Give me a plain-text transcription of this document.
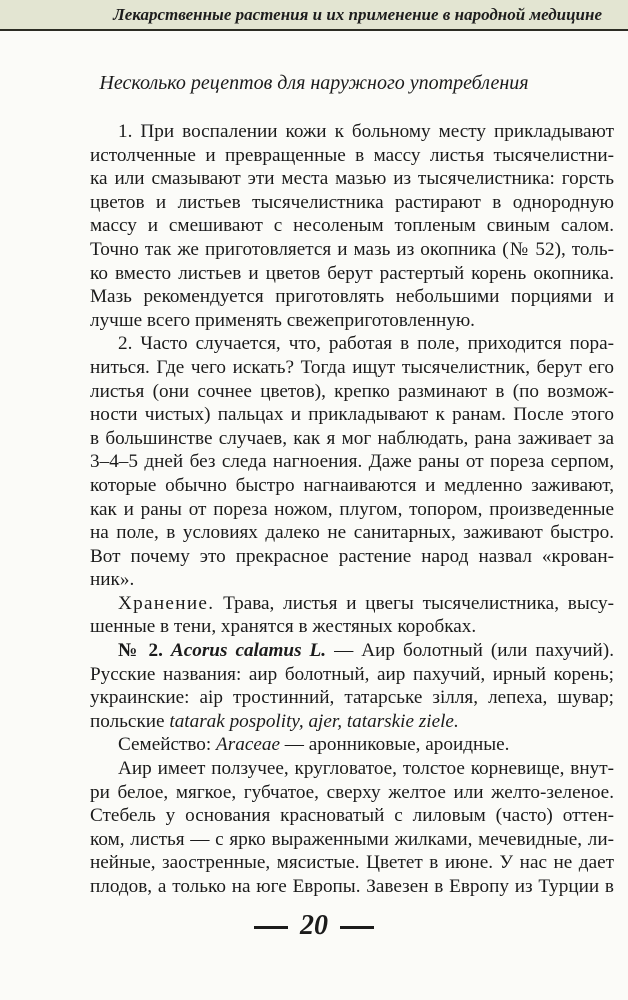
Лекарственные растения и их применение в народной медицине
Несколько рецептов для наружного употребления
1. При воспалении кожи к больному месту прикладывают
истолченные и превращенные в массу листья тысячелистни-
ка или смазывают эти места мазью из тысячелистника: горсть
цветов и листьев тысячелистника растирают в однородную
массу и смешивают с несоленым топленым свиным салом.
Точно так же приготовляется и мазь из окопника (№ 52), толь-
ко вместо листьев и цветов берут растертый корень окопника.
Мазь рекомендуется приготовлять небольшими порциями и
лучше всего применять свежеприготовленную.
2. Часто случается, что, работая в поле, приходится пора-
ниться. Где чего искать? Тогда ищут тысячелистник, берут его
листья (они сочнее цветов), крепко разминают в (по возмож-
ности чистых) пальцах и прикладывают к ранам. После этого
в большинстве случаев, как я мог наблюдать, рана заживает за
3–4–5 дней без следа нагноения. Даже раны от пореза серпом,
которые обычно быстро нагнаиваются и медленно заживают,
как и раны от пореза ножом, плугом, топором, произведенные
на поле, в условиях далеко не санитарных, заживают быстро.
Вот почему это прекрасное растение народ назвал «крован-
ник».
Хранение. Трава, листья и цвегы тысячелистника, высу-
шенные в тени, хранятся в жестяных коробках.
№ 2. Acorus calamus L. — Аир болотный (или пахучий).
Русские названия: аир болотный, аир пахучий, ирный корень;
украинские: аiр тростинний, татарське зiлля, лепеха, шувар;
польские tatarak pospolity, ajer, tatarskie ziele.
Семейство: Araceae — аронниковые, ароидные.
Аир имеет ползучее, кругловатое, толстое корневище, внут-
ри белое, мягкое, губчатое, сверху желтое или желто-зеленое.
Стебель у основания красноватый с лиловым (часто) оттен-
ком, листья — с ярко выраженными жилками, мечевидные, ли-
нейные, заостренные, мясистые. Цветет в июне. У нас не дает
плодов, а только на юге Европы. Завезен в Европу из Турции в
20
